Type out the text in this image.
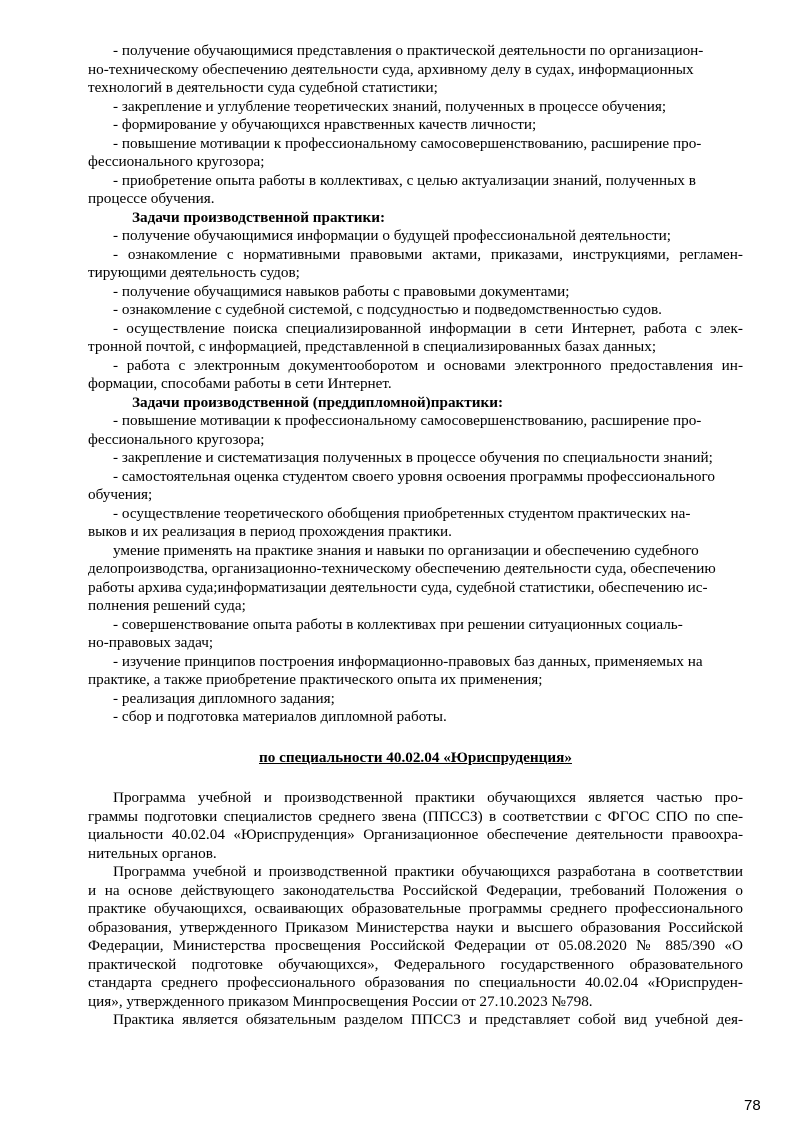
- получение обучающимися представления о практической деятельности по организацион-
но-техническому обеспечению деятельности суда, архивному делу в судах, информационных
технологий в деятельности суда судебной статистики;
- закрепление и углубление теоретических знаний, полученных в процессе обучения;
- формирование у обучающихся нравственных качеств личности;
- повышение мотивации к профессиональному самосовершенствованию, расширение про-
фессионального кругозора;
- приобретение опыта работы в коллективах, с целью актуализации знаний, полученных в
процессе обучения.
Задачи производственной практики:
- получение обучающимися информации о будущей профессиональной деятельности;
- ознакомление с нормативными правовыми актами, приказами, инструкциями, регламен-
тирующими деятельность судов;
- получение обучащимися навыков работы с правовыми документами;
- ознакомление с судебной системой, с подсудностью и подведомственностью судов.
- осуществление поиска специализированной информации в сети Интернет, работа с элек-
тронной почтой, с информацией, представленной в специализированных базах данных;
- работа с электронным документооборотом и основами электронного предоставления ин-
формации, способами работы в сети Интернет.
Задачи производственной (преддипломной)практики:
- повышение мотивации к профессиональному самосовершенствованию, расширение про-
фессионального кругозора;
- закрепление и систематизация полученных в процессе обучения по специальности знаний;
- самостоятельная оценка студентом своего уровня освоения программы профессионального
обучения;
- осуществление теоретического обобщения приобретенных студентом практических на-
выков и их реализация в период прохождения практики.
умение применять на практике знания и навыки по организации и обеспечению судебного
делопроизводства, организационно-техническому обеспечению деятельности суда, обеспечению
работы архива суда;информатизации деятельности суда, судебной статистики, обеспечению ис-
полнения решений суда;
- совершенствование опыта работы в коллективах при решении ситуационных социаль-
но-правовых задач;
- изучение принципов построения информационно-правовых баз данных, применяемых на
практике, а также приобретение практического опыта их применения;
- реализация дипломного задания;
- сбор и подготовка материалов дипломной работы.
по специальности 40.02.04 «Юриспруденция»
Программа учебной и производственной практики обучающихся является частью про-
граммы подготовки специалистов среднего звена (ППССЗ) в соответствии с ФГОС СПО по спе-
циальности 40.02.04 «Юриспруденция» Организационное обеспечение деятельности правоохра-
нительных органов.
Программа учебной и производственной практики обучающихся разработана в соответствии
и на основе действующего законодательства Российской Федерации, требований Положения о
практике обучающихся, осваивающих образовательные программы среднего профессионального
образования, утвержденного Приказом Министерства науки и высшего образования Российской
Федерации, Министерства просвещения Российской Федерации от 05.08.2020 № 885/390 «О
практической подготовке обучающихся», Федерального государственного образовательного
стандарта среднего профессионального образования по специальности 40.02.04 «Юриспруден-
ция», утвержденного приказом Минпросвещения России от 27.10.2023 №798.
Практика является обязательным разделом ППССЗ и представляет собой вид учебной дея-
78
